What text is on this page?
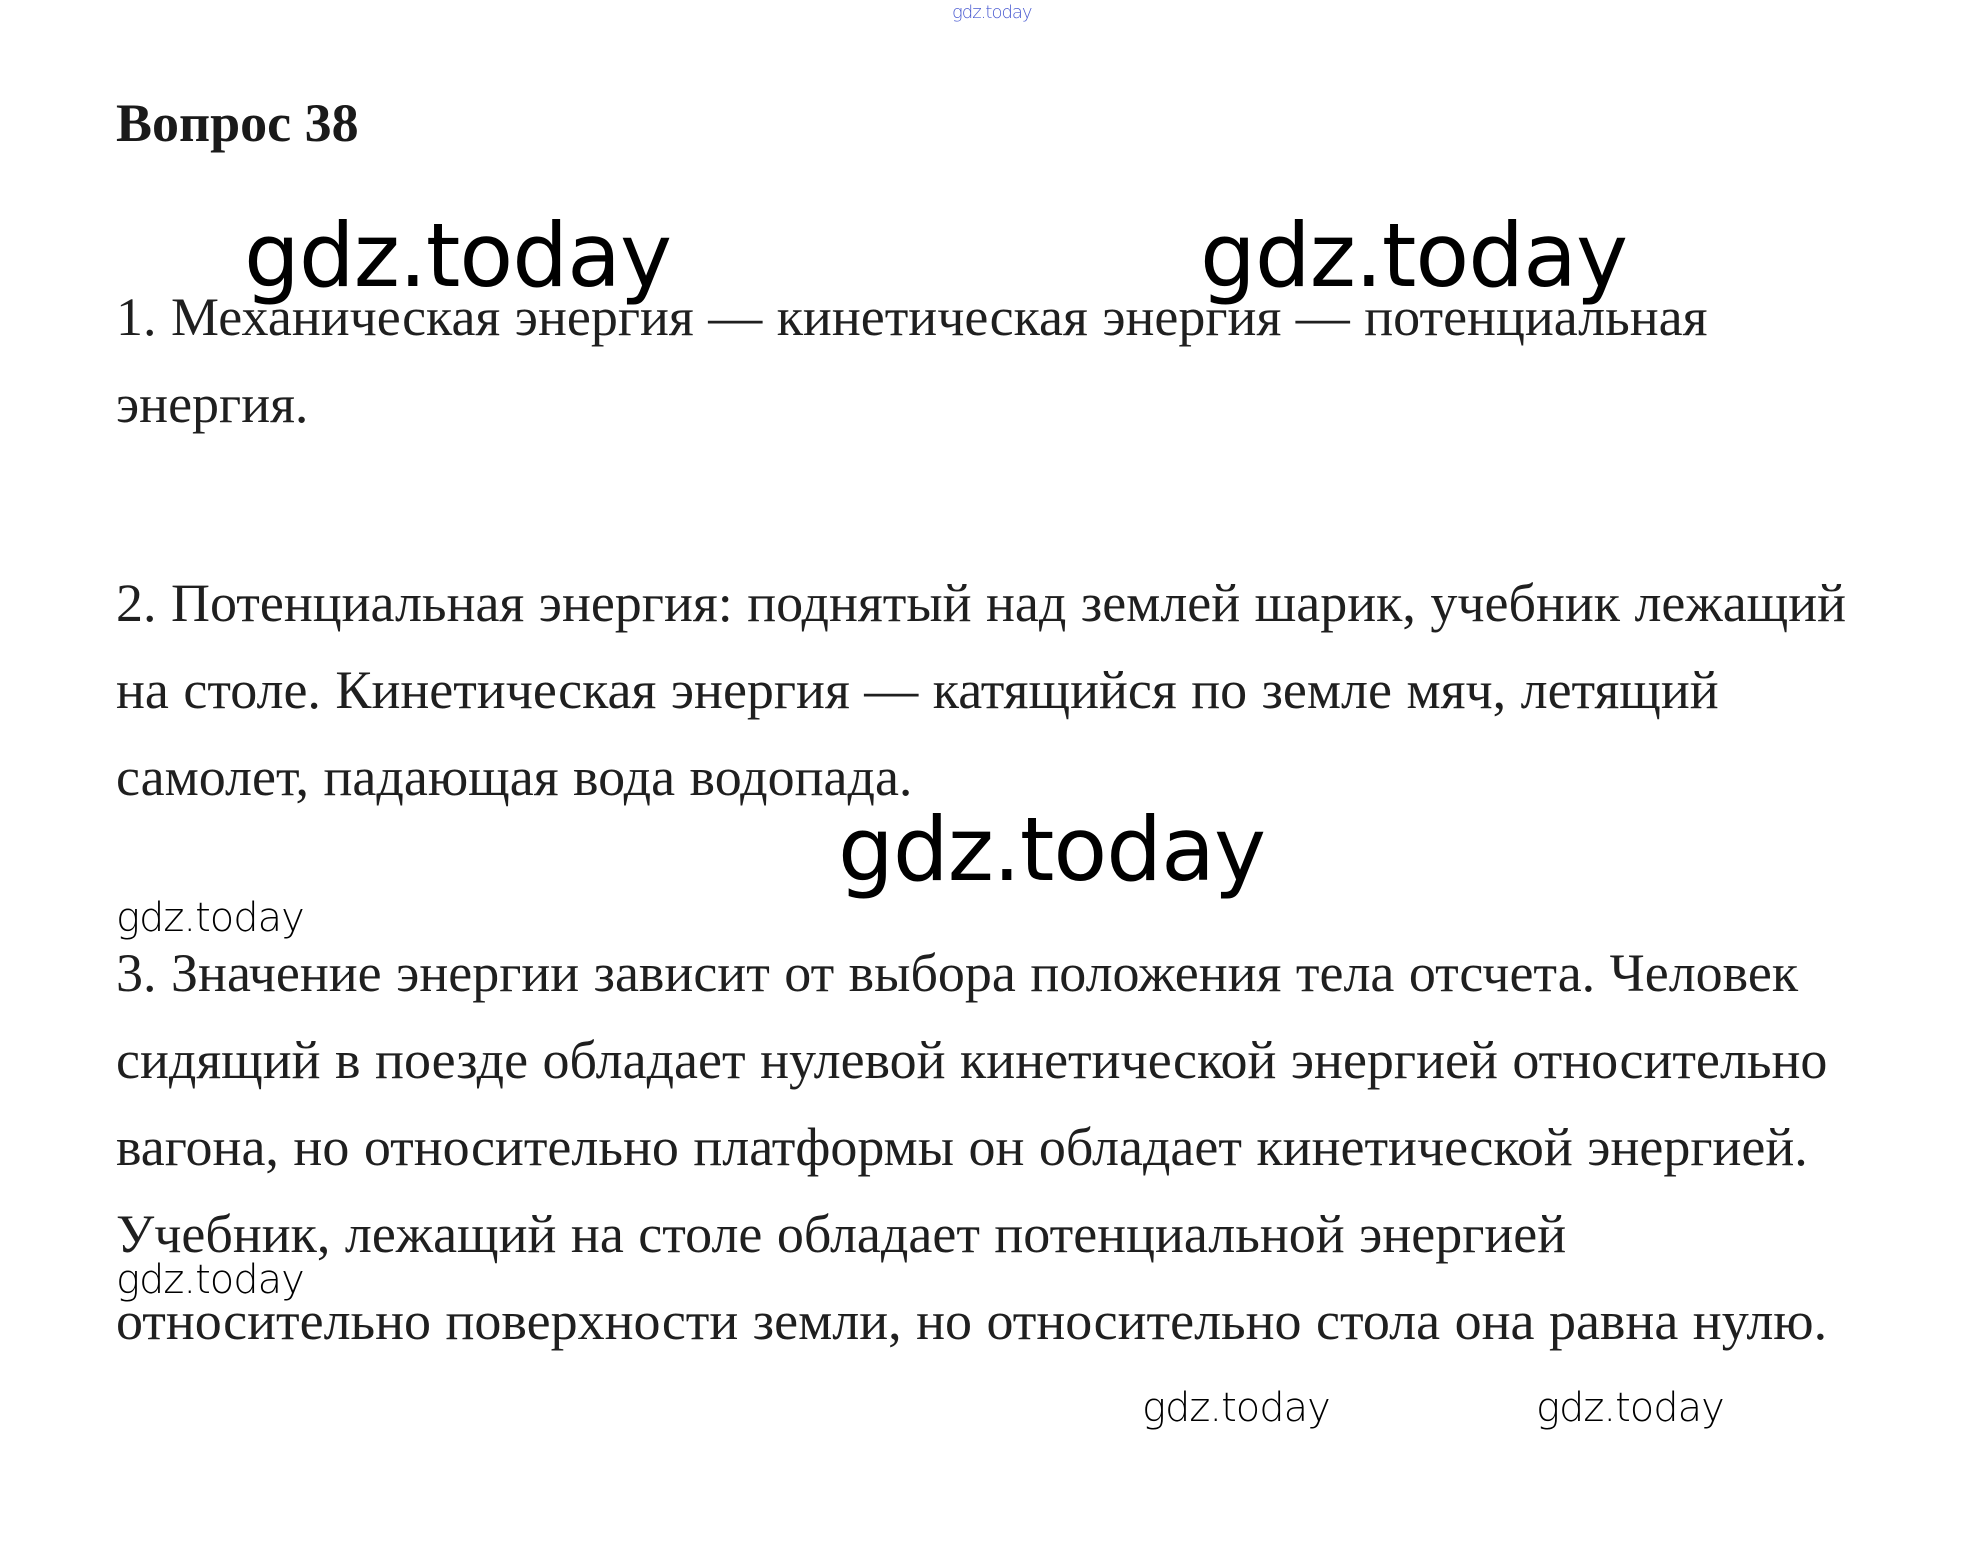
gdz.today
Вопрос 38
gdz.today	gdz.today

1. Механическая энергия — кинетическая энергия — потенциальная энергия.

2. Потенциальная энергия: поднятый над землей шарик, учебник лежащий на столе. Кинетическая энергия — катящийся по земле мяч, летящий самолет, падающая вода водопада.

gdz.today
gdz.today

3. Значение энергии зависит от выбора положения тела отсчета. Человек сидящий в поезде обладает нулевой кинетической энергией относительно вагона, но относительно платформы он обладает кинетической энергией. Учебник, лежащий на столе обладает потенциальной энергией относительно поверхности земли, но относительно стола она равна нулю.

gdz.today
gdz.today	gdz.today
